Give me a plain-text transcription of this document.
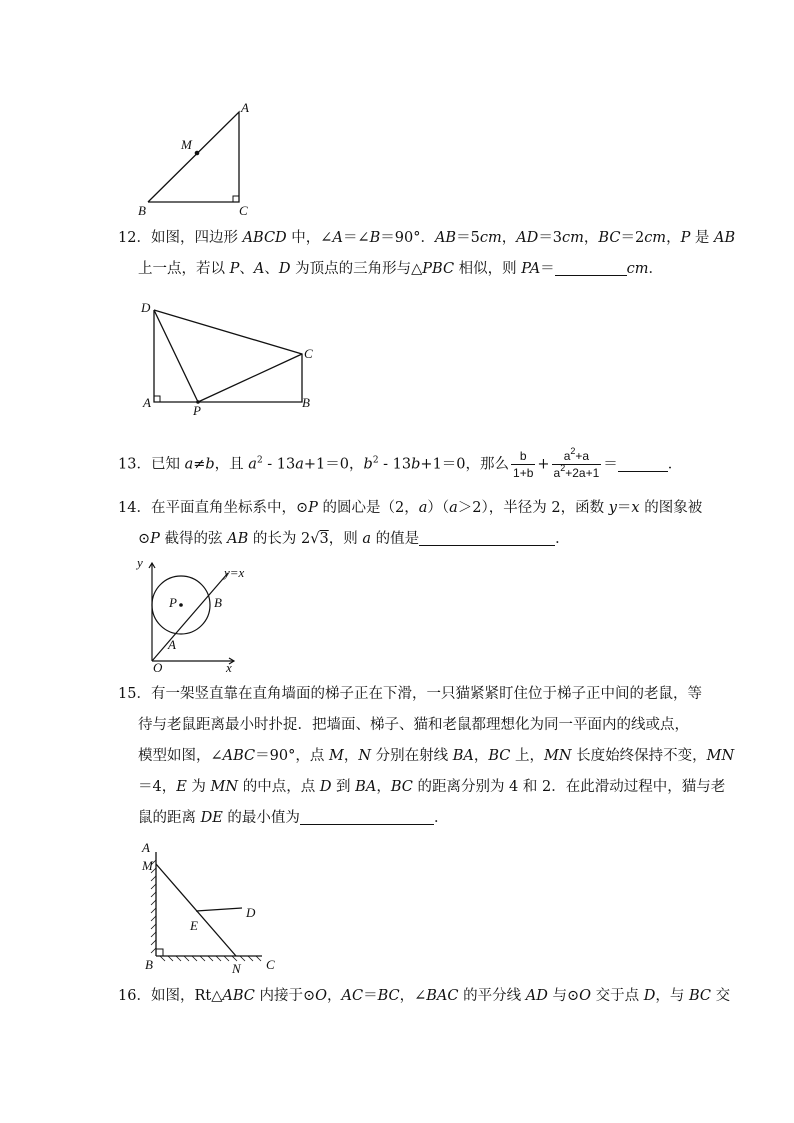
A
M
B	C
12．如图，四边形 ABCD 中，∠A＝∠B＝90°．AB＝5cm，AD＝3cm，BC＝2cm，P 是 AB
上一点，若以 P、A、D 为顶点的三角形与△PBC 相似，则 PA＝	cm．
D
C
A
P
B
13．已知 a≠b，且 $a^2 - 13a+1=0$，$b^2 - 13b+1=0$，那么 $\frac{b}{1+b} + \frac{a^2+a}{a^2+2a+1}$ ＝	．
14．在平面直角坐标系中，⊙P 的圆心是（2，a）（a＞2），半径为 2，函数 y＝x 的图象被
⊙P 截得的弦 AB 的长为 2√3，则 a 的值是	．
y
y=x
P	B
A
O	x
15．有一架竖直靠在直角墙面的梯子正在下滑，一只猫紧紧盯住位于梯子正中间的老鼠，等
待与老鼠距离最小时扑捉．把墙面、梯子、猫和老鼠都理想化为同一平面内的线或点，
模型如图，∠ABC＝90°，点 M，N 分别在射线 BA，BC 上，MN 长度始终保持不变，MN
＝4，E 为 MN 的中点，点 D 到 BA，BC 的距离分别为 4 和 2．在此滑动过程中，猫与老
鼠的距离 DE 的最小值为	．
A
M
D
E
B	N C
16．如图，Rt△ABC 内接于⊙O，AC＝BC，∠BAC 的平分线 AD 与⊙O 交于点 D，与 BC 交
